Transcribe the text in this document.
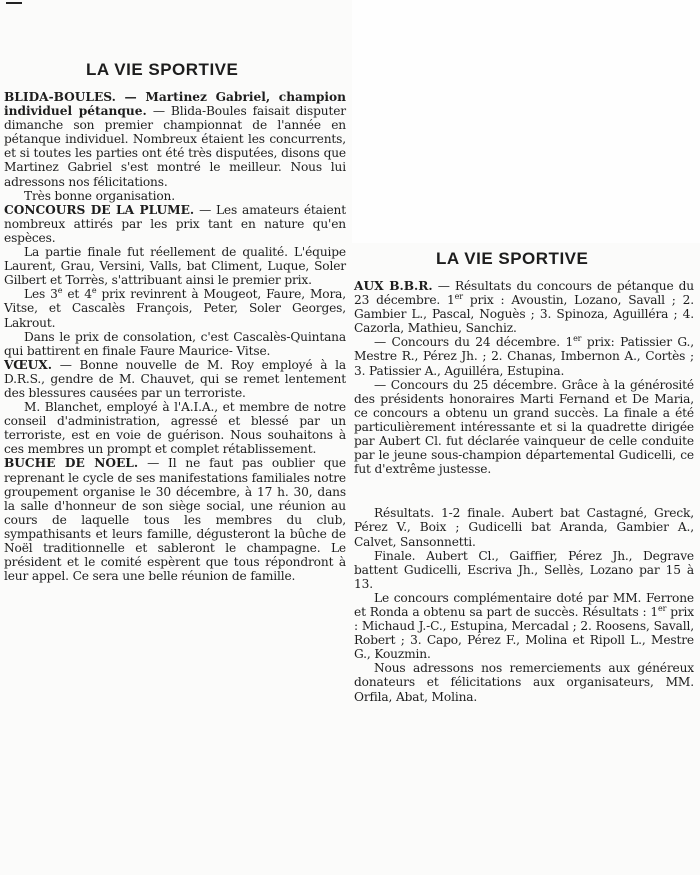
LA VIE SPORTIVE

BLIDA-BOULES. — Martinez Gabriel, champion individuel pétanque. — Blida-Boules faisait disputer dimanche son premier championnat de l'année en pétanque individuel. Nombreux étaient les concurrents, et si toutes les parties ont été très disputées, disons que Martinez Gabriel s'est montré le meilleur. Nous lui adressons nos félicitations.

Très bonne organisation.

CONCOURS DE LA PLUME. — Les amateurs étaient nombreux attirés par les prix tant en nature qu'en espèces.

La partie finale fut réellement de qualité. L'équipe Laurent, Grau, Versini, Valls, bat Climent, Luque, Soler Gilbert et Torrès, s'attribuant ainsi le premier prix.

Les 3e et 4e prix revinrent à Mougeot, Faure, Mora, Vitse, et Cascalès François, Peter, Soler Georges, Lakrout.

Dans le prix de consolation, c'est Cascalès-Quintana qui battirent en finale Faure Maurice- Vitse.

VŒUX. — Bonne nouvelle de M. Roy employé à la D.R.S., gendre de M. Chauvet, qui se remet lentement des blessures causées par un terroriste.

M. Blanchet, employé à l'A.I.A., et membre de notre conseil d'administration, agressé et blessé par un terroriste, est en voie de guérison. Nous souhaitons à ces membres un prompt et complet rétablissement.

BUCHE DE NOEL. — Il ne faut pas oublier que reprenant le cycle de ses manifestations familiales notre groupement organise le 30 décembre, à 17 h. 30, dans la salle d'honneur de son siège social, une réunion au cours de laquelle tous les membres du club, sympathisants et leurs famille, dégusteront la bûche de Noël traditionnelle et sableront le champagne. Le président et le comité espèrent que tous répondront à leur appel. Ce sera une belle réunion de famille.

LA VIE SPORTIVE

AUX B.B.R. — Résultats du concours de pétanque du 23 décembre. 1er prix : Avoustin, Lozano, Savall ; 2. Gambier L., Pascal, Noguès ; 3. Spinoza, Aguilléra ; 4. Cazorla, Mathieu, Sanchiz.

— Concours du 24 décembre. 1er prix: Patissier G., Mestre R., Pérez Jh. ; 2. Chanas, Imbernon A., Cortès ; 3. Patissier A., Aguilléra, Estupina.

— Concours du 25 décembre. Grâce à la générosité des présidents honoraires Marti Fernand et De Maria, ce concours a obtenu un grand succès. La finale a été particulièrement intéressante et si la quadrette dirigée par Aubert Cl. fut déclarée vainqueur de celle conduite par le jeune sous-champion départemental Gudicelli, ce fut d'extrême justesse.

Résultats. 1-2 finale. Aubert bat Castagné, Greck, Pérez V., Boix ; Gudicelli bat Aranda, Gambier A., Calvet, Sansonnetti.

Finale. Aubert Cl., Gaiffier, Pérez Jh., Degrave battent Gudicelli, Escriva Jh., Sellès, Lozano par 15 à 13.

Le concours complémentaire doté par MM. Ferrone et Ronda a obtenu sa part de succès. Résultats : 1er prix : Michaud J.-C., Estupina, Mercadal ; 2. Roosens, Savall, Robert ; 3. Capo, Pérez F., Molina et Ripoll L., Mestre G., Kouzmin.

Nous adressons nos remerciements aux généreux donateurs et félicitations aux organisateurs, MM. Orfila, Abat, Molina.
